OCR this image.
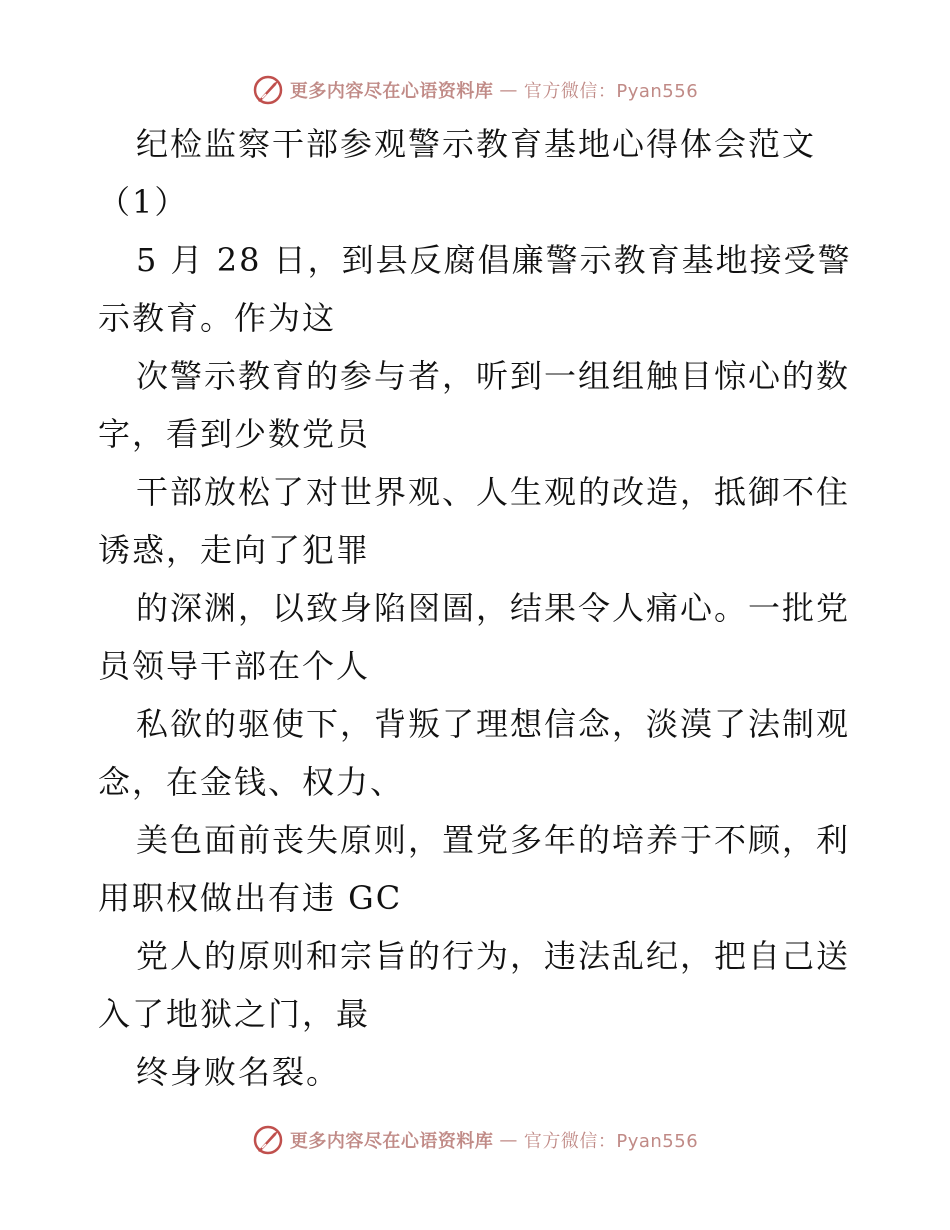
更多内容尽在心语资料库 — 官方微信：Pyan556
纪检监察干部参观警示教育基地心得体会范文
（1）
5 月 28 日，到县反腐倡廉警示教育基地接受警
示教育。作为这
次警示教育的参与者，听到一组组触目惊心的数
字，看到少数党员
干部放松了对世界观、人生观的改造，抵御不住
诱惑，走向了犯罪
的深渊，以致身陷囹圄，结果令人痛心。一批党
员领导干部在个人
私欲的驱使下，背叛了理想信念，淡漠了法制观
念，在金钱、权力、
美色面前丧失原则，置党多年的培养于不顾，利
用职权做出有违 GC
党人的原则和宗旨的行为，违法乱纪，把自己送
入了地狱之门，最
终身败名裂。
更多内容尽在心语资料库 — 官方微信：Pyan556
